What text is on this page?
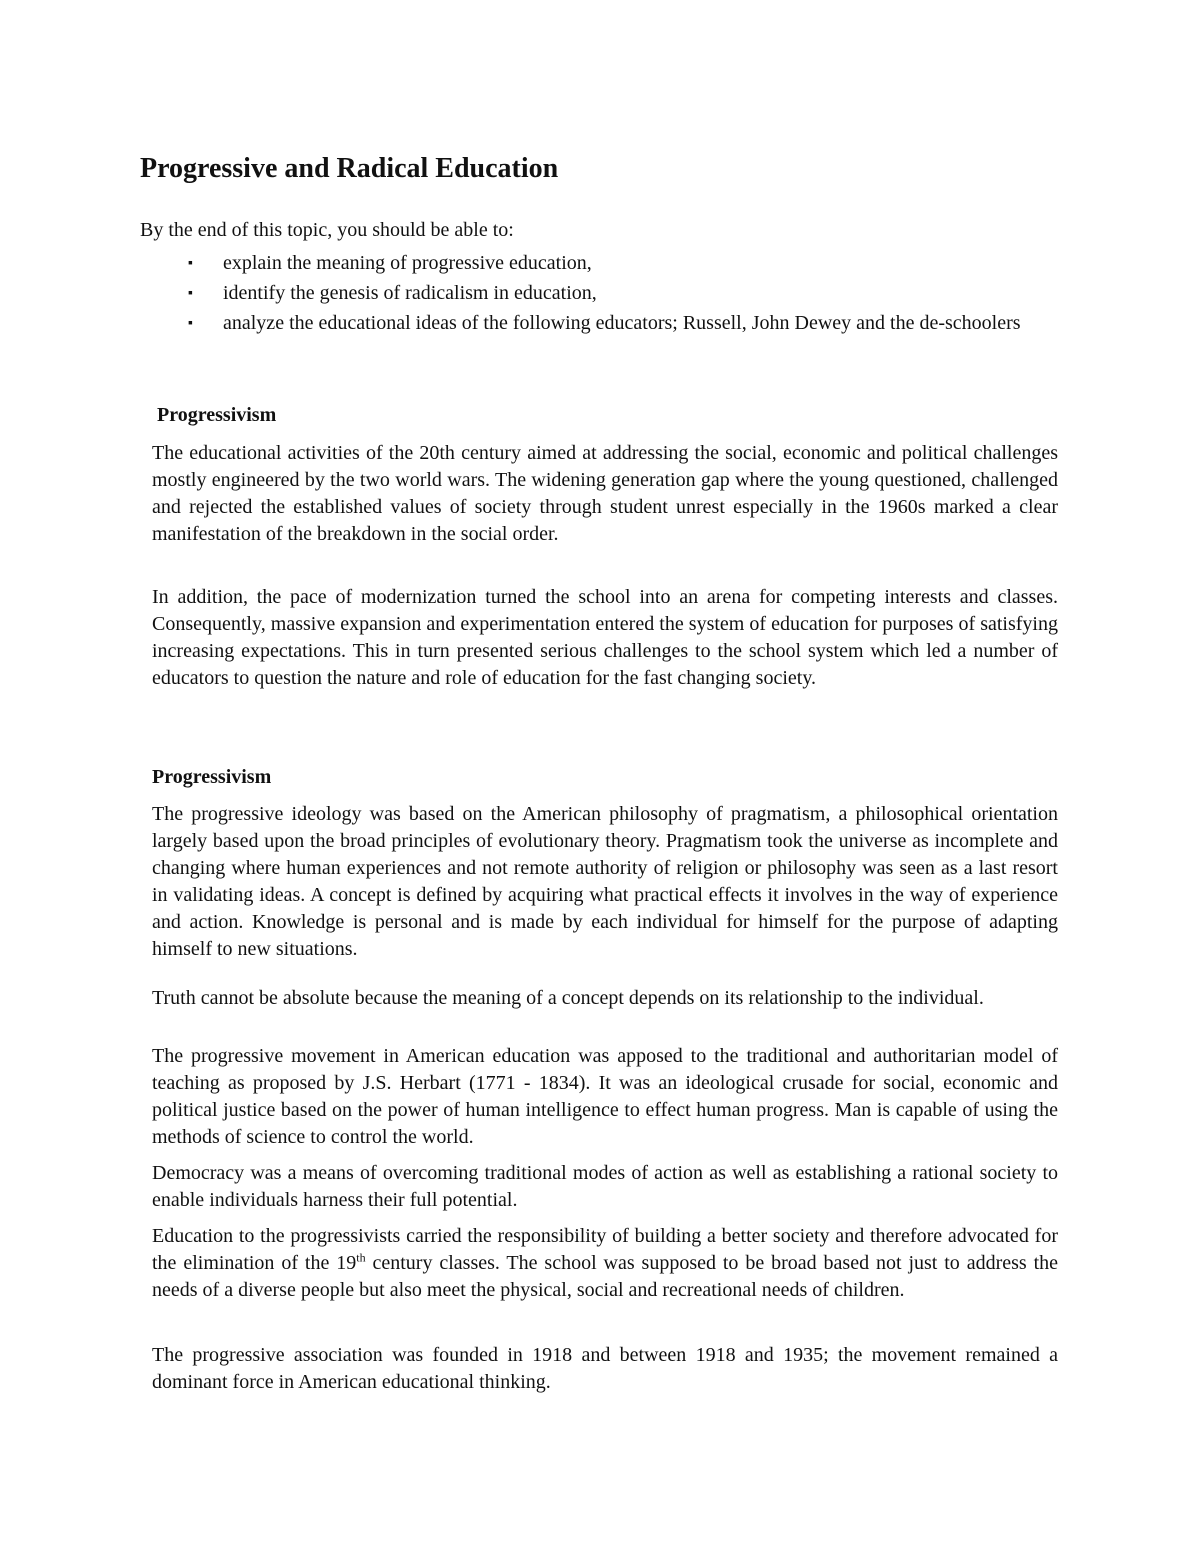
Progressive and Radical Education

By the end of this topic, you should be able to:

▪ explain the meaning of progressive education,
▪ identify the genesis of radicalism in education,
▪ analyze the educational ideas of the following educators; Russell, John Dewey and the de-schoolers
Progressivism

The educational activities of the 20th century aimed at addressing the social, economic and political challenges mostly engineered by the two world wars. The widening generation gap where the young questioned, challenged and rejected the established values of society through student unrest especially in the 1960s marked a clear manifestation of the breakdown in the social order.

In addition, the pace of modernization turned the school into an arena for competing interests and classes. Consequently, massive expansion and experimentation entered the system of education for purposes of satisfying increasing expectations. This in turn presented serious challenges to the school system which led a number of educators to question the nature and role of education for the fast changing society.

Progressivism

The progressive ideology was based on the American philosophy of pragmatism, a philosophical orientation largely based upon the broad principles of evolutionary theory. Pragmatism took the universe as incomplete and changing where human experiences and not remote authority of religion or philosophy was seen as a last resort in validating ideas. A concept is defined by acquiring what practical effects it involves in the way of experience and action. Knowledge is personal and is made by each individual for himself for the purpose of adapting himself to new situations.

Truth cannot be absolute because the meaning of a concept depends on its relationship to the individual.

The progressive movement in American education was apposed to the traditional and authoritarian model of teaching as proposed by J.S. Herbart (1771 - 1834). It was an ideological crusade for social, economic and political justice based on the power of human intelligence to effect human progress. Man is capable of using the methods of science to control the world.

Democracy was a means of overcoming traditional modes of action as well as establishing a rational society to enable individuals harness their full potential.

Education to the progressivists carried the responsibility of building a better society and therefore advocated for the elimination of the 19th century classes. The school was supposed to be broad based not just to address the needs of a diverse people but also meet the physical, social and recreational needs of children.

The progressive association was founded in 1918 and between 1918 and 1935; the movement remained a dominant force in American educational thinking.
